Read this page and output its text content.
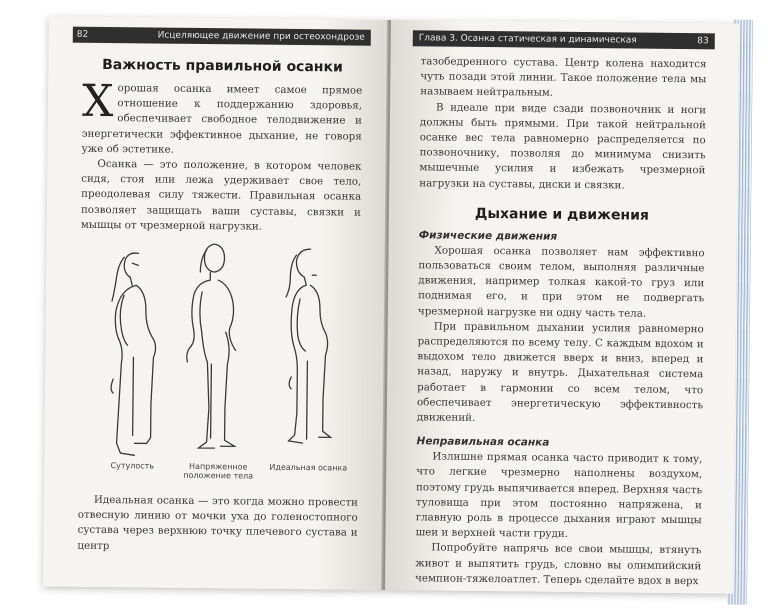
82	Исцеляющее движение при остеохондрозе
Важность правильной осанки

Хорошая осанка имеет самое прямое отношение к поддержанию здоровья, обеспечивает свободное телодвижение и энергетически эффективное дыхание, не говоря уже об эстетике.

Осанка — это положение, в котором человек сидя, стоя или лежа удерживает свое тело, преодолевая силу тяжести. Правильная осанка позволяет защищать ваши суставы, связки и мышцы от чрезмерной нагрузки.

Сутулость	Напряженное положение тела
Идеальная осанка

Идеальная осанка — это когда можно провести отвесную линию от мочки уха до голеностопного сустава через верхнюю точку плечевого сустава и центр

Глава 3. Осанка статическая и динамическая	83

тазобедренного сустава. Центр колена находится чуть позади этой линии. Такое положение тела мы называем нейтральным.

В идеале при виде сзади позвоночник и ноги должны быть прямыми. При такой нейтральной осанке вес тела равномерно распределяется по позвоночнику, позволяя до минимума снизить мышечные усилия и избежать чрезмерной нагрузки на суставы, диски и связки.

Дыхание и движения
Физические движения

Хорошая осанка позволяет нам эффективно пользоваться своим телом, выполняя различные движения, например толкая какой-то груз или поднимая его, и при этом не подвергать чрезмерной нагрузке ни одну часть тела.

При правильном дыхании усилия равномерно распределяются по всему телу. С каждым вдохом и выдохом тело движется вверх и вниз, вперед и назад, наружу и внутрь. Дыхательная система работает в гармонии со всем телом, что обеспечивает энергетическую эффективность движений.

Неправильная осанка

Излишне прямая осанка часто приводит к тому, что легкие чрезмерно наполнены воздухом, поэтому грудь выпячивается вперед. Верхняя часть туловища при этом постоянно напряжена, и главную роль в процессе дыхания играют мышцы шеи и верхней части груди.

Попробуйте напрячь все свои мышцы, втянуть живот и выпятить грудь, словно вы олимпийский чемпион-тяжелоатлет. Теперь сделайте вдох в верх
